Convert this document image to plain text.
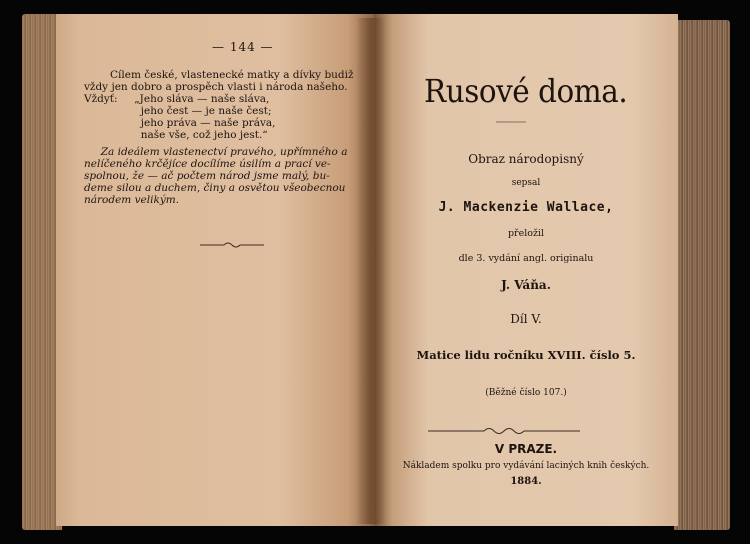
— 144 —
Cílem české, vlastenecké matky a dívky budiž
vždy jen dobro a prospěch vlasti i národa našeho.
Vždyť:     „Jeho sláva — naše sláva,
jeho čest — je naše čest;
jeho práva — naše práva,
naše vše, což jeho jest.“
Za ideálem vlastenectví pravého, upřímného a
nelíčeného krčějíce docílíme úsilím a prací ve-
spolnou, že — ač počtem národ jsme malý, bu-
deme silou a duchem, činy a osvětou všeobecnou
národem velikým.
Rusové doma.
Obraz národopisný
sepsal
J. Mackenzie Wallace,
přeložil
dle 3. vydání angl. originalu
J. Váňa.
Díl V.
Matice lidu ročníku XVIII. číslo 5.
(Běžné číslo 107.)
V PRAZE.
Nákladem spolku pro vydávání laciných knih českých.
1884.
